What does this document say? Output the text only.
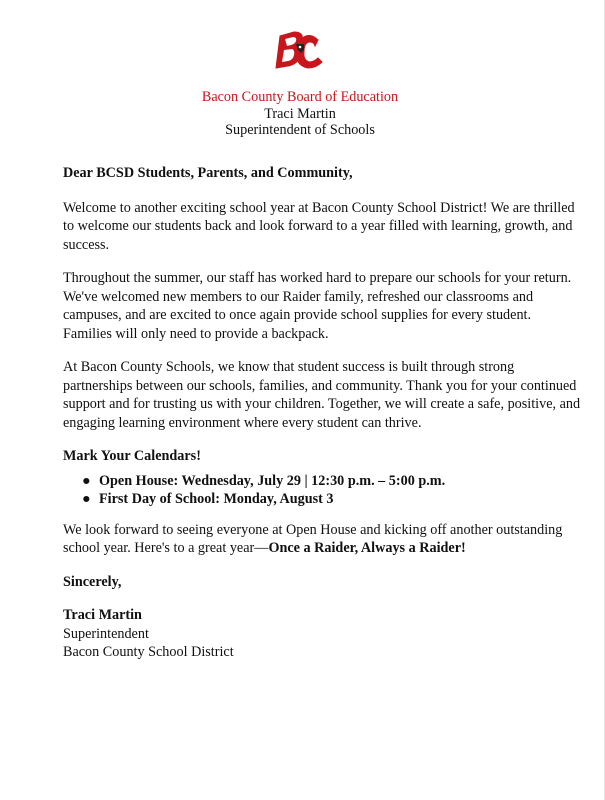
Bacon County Board of Education
Traci Martin
Superintendent of Schools

Dear BCSD Students, Parents, and Community,

Welcome to another exciting school year at Bacon County School District! We are thrilled to welcome our students back and look forward to a year filled with learning, growth, and success.

Throughout the summer, our staff has worked hard to prepare our schools for your return. We've welcomed new members to our Raider family, refreshed our classrooms and campuses, and are excited to once again provide school supplies for every student. Families will only need to provide a backpack.

At Bacon County Schools, we know that student success is built through strong partnerships between our schools, families, and community. Thank you for your continued support and for trusting us with your children. Together, we will create a safe, positive, and engaging learning environment where every student can thrive.

Mark Your Calendars!

● Open House: Wednesday, July 29 | 12:30 p.m. – 5:00 p.m.
● First Day of School: Monday, August 3

We look forward to seeing everyone at Open House and kicking off another outstanding school year. Here's to a great year—Once a Raider, Always a Raider!

Sincerely,

Traci Martin

Superintendent

Bacon County School District
